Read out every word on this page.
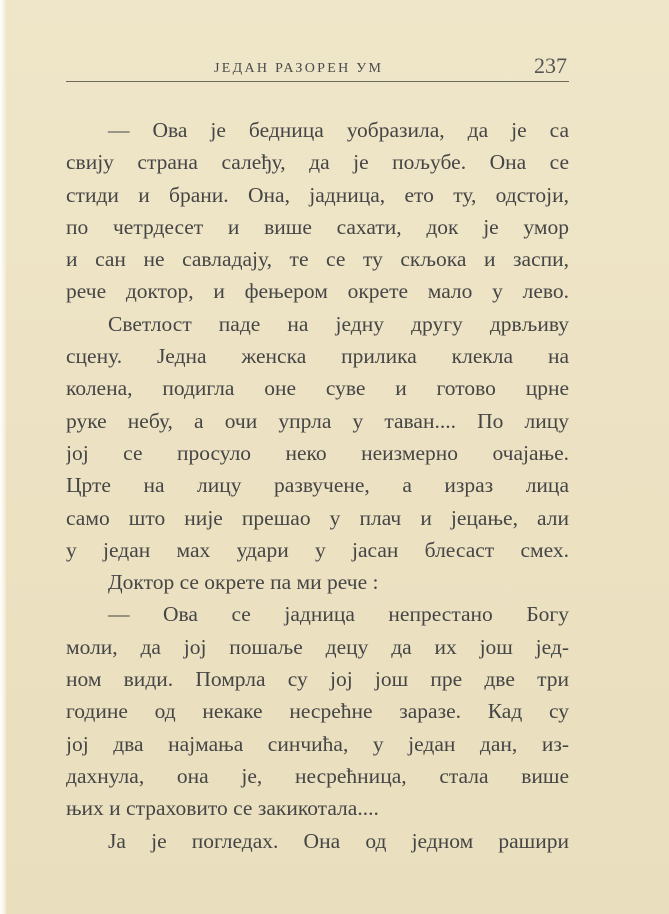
ЈЕДАН РАЗОРЕН УМ	237
— Ова је бедница уобразила, да је са
свију страна салеђу, да је пољубе. Она се
стиди и брани. Она, јадница, ето ту, одстоји,
по четрдесет и више сахати, док је умор
и сан не савладају, те се ту скљока и заспи,
рече доктор, и фењером окрете мало у лево.
Светлост паде на једну другу дрвљиву
сцену. Једна женска прилика клекла на
колена, подигла оне суве и готово црне
руке небу, а очи упрла у таван.... По лицу
јој се просуло неко неизмерно очајање.
Црте на лицу развучене, а израз лица
само што није прешао у плач и јецање, али
у један мах удари у јасан блесаст смех.
Доктор се окрете па ми рече :
— Ова се јадница непрестано Богу
моли, да јој пошаље децу да их још јед-
ном види. Помрла су јој још пре две три
године од некаке несрећне заразе. Кад су
јој два најмања синчића, у један дан, из-
дахнула, она је, несрећница, стала више
њих и страховито се закикотала....
Ја је погледах. Она од једном рашири
